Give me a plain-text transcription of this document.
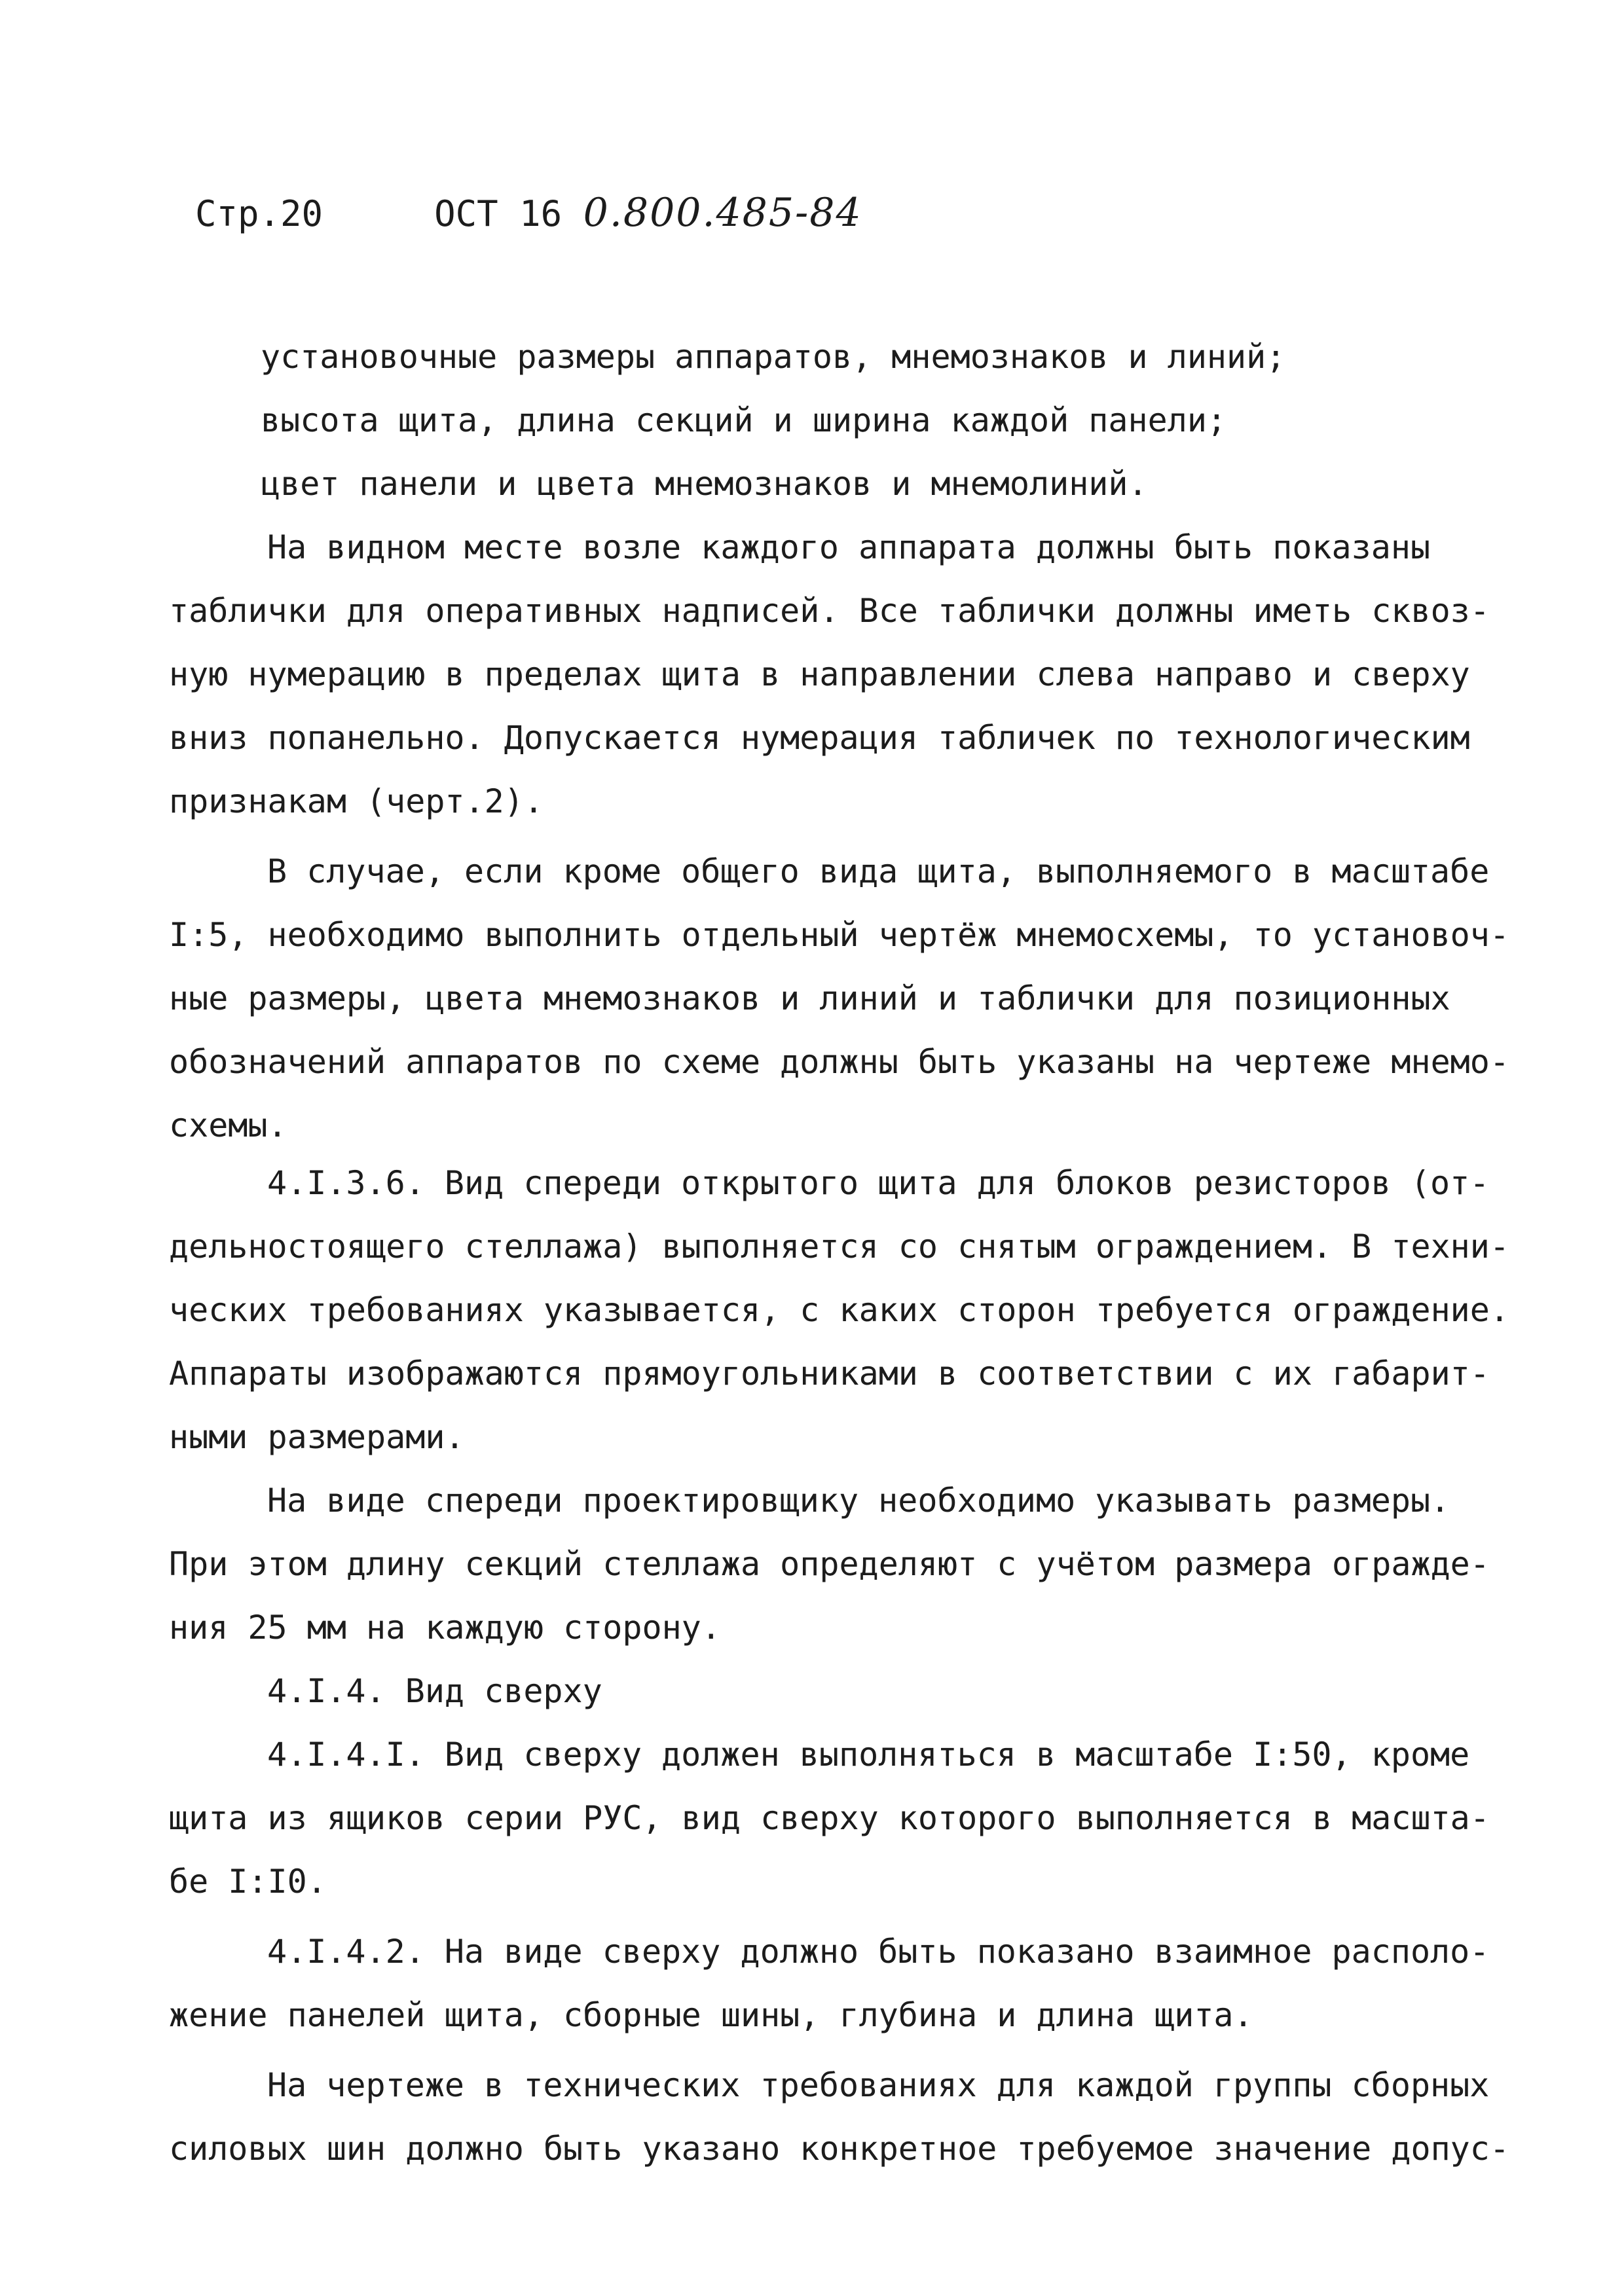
Стр.20	ОСТ 16 0.800.485-84
установочные размеры аппаратов, мнемознаков и линий;
высота щита, длина секций и ширина каждой панели;
цвет панели и цвета мнемознаков и мнемолиний.
На видном месте возле каждого аппарата должны быть показаны
таблички для оперативных надписей. Все таблички должны иметь сквоз-
ную нумерацию в пределах щита в направлении слева направо и сверху
вниз попанельно. Допускается нумерация табличек по технологическим
признакам (черт.2).
В случае, если кроме общего вида щита, выполняемого в масштабе
I:5, необходимо выполнить отдельный чертёж мнемосхемы, то установоч-
ные размеры, цвета мнемознаков и линий и таблички для позиционных
обозначений аппаратов по схеме должны быть указаны на чертеже мнемо-
схемы.
4.I.3.6. Вид спереди открытого щита для блоков резисторов (от-
дельностоящего стеллажа) выполняется со снятым ограждением. В техни-
ческих требованиях указывается, с каких сторон требуется ограждение.
Аппараты изображаются прямоугольниками в соответствии с их габарит-
ными размерами.
На виде спереди проектировщику необходимо указывать размеры.
При этом длину секций стеллажа определяют с учётом размера огражде-
ния 25 мм на каждую сторону.
4.I.4. Вид сверху
4.I.4.I. Вид сверху должен выполняться в масштабе I:50, кроме
щита из ящиков серии РУС, вид сверху которого выполняется в масшта-
бе I:I0.
4.I.4.2. На виде сверху должно быть показано взаимное располо-
жение панелей щита, сборные шины, глубина и длина щита.
На чертеже в технических требованиях для каждой группы сборных
силовых шин должно быть указано конкретное требуемое значение допус-
